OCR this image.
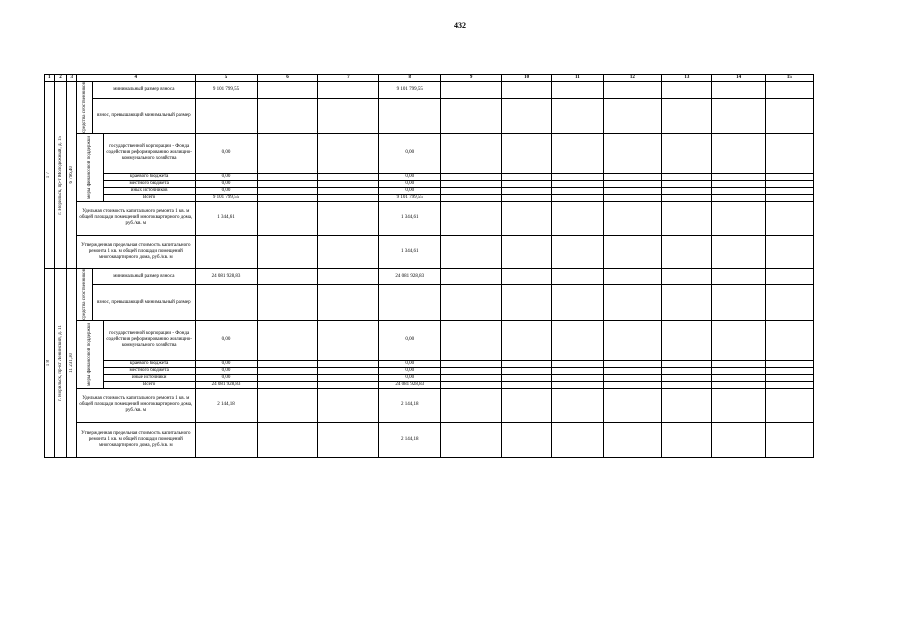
432
1	2	3	4			5	6	7	8	9	10	11	12	13	14	15

1 7	г. Норильск, пр-т Молодежный, д. 15	6 796,40	средства собственников	минимальный размер взноса		9 101 799,55			9 101 799,55							
				взнос, превышающий минимальный размер												

			меры финансовой поддержки		государственной корпорации - Фонда содействия реформированию жилищно-коммунального хозяйства	0,00			0,00							
					краевого бюджета	0,00			0,00							
					местного бюджета	0,00			0,00							
					иных источников	0,00			0,00							
					Всего	9 101 799,55			9 101 799,55							
			Удельная стоимость капитального ремонта 1 кв. м общей площади помещений многоквартирного дома, руб./кв. м			1 344,61			1 344,61							
			Утвержденная предельная стоимость капитального ремонта 1 кв. м общей площади помещений многоквартирного дома, руб./кв. м						1 344,61							

1 8	г. Норильск, пр-кт Ленинский, д. 11	11 231,30	средства собственников	минимальный размер взноса		24 081 928,83			24 081 928,83							
				взнос, превышающий минимальный размер												

			меры финансовой поддержки		государственной корпорации - Фонда содействия реформированию жилищно-коммунального хозяйства	0,00			0,00							
					краевого бюджета	0,00			0,00							
					местного бюджета	0,00			0,00							
					иные источники	0,00			0,00							
					Всего	24 081 928,83			24 081 928,83							
			Удельная стоимость капитального ремонта 1 кв. м общей площади помещений многоквартирного дома, руб./кв. м			2 144,18			2 144,18							
			Утвержденная предельная стоимость капитального ремонта 1 кв. м общей площади помещений многоквартирного дома, руб./кв. м						2 144,18							
